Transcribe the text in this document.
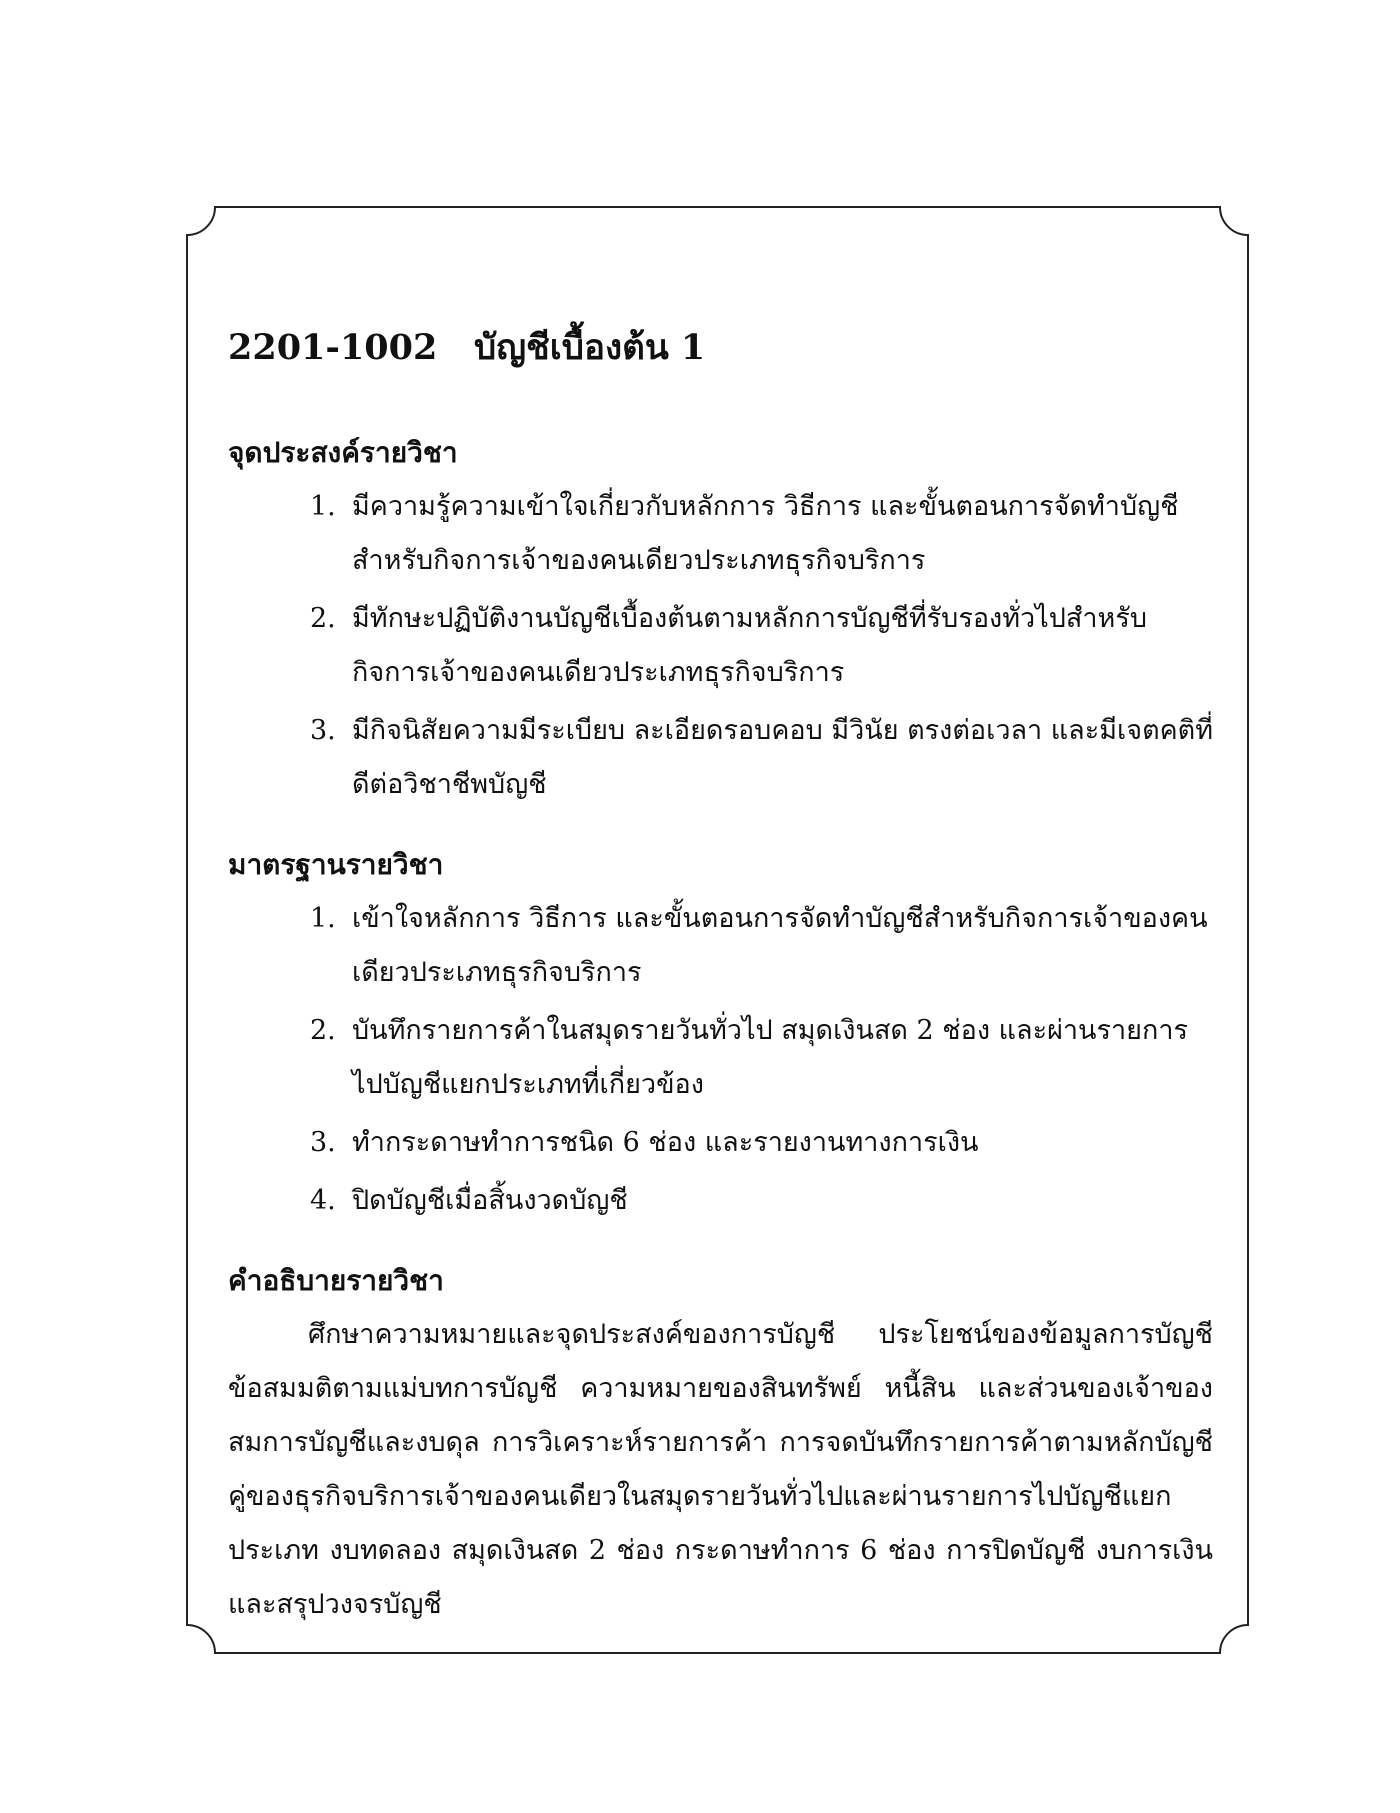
2201-1002	บัญชีเบื้องต้น 1
จุดประสงค์รายวิชา
1. มีความรู้ความเข้าใจเกี่ยวกับหลักการ วิธีการ และขั้นตอนการจัดทำบัญชีสำหรับกิจการเจ้าของคนเดียวประเภทธุรกิจบริการ
2. มีทักษะปฏิบัติงานบัญชีเบื้องต้นตามหลักการบัญชีที่รับรองทั่วไปสำหรับกิจการเจ้าของคนเดียวประเภทธุรกิจบริการ
3. มีกิจนิสัยความมีระเบียบ ละเอียดรอบคอบ มีวินัย ตรงต่อเวลา และมีเจตคติที่ดีต่อวิชาชีพบัญชี
มาตรฐานรายวิชา
1. เข้าใจหลักการ วิธีการ และขั้นตอนการจัดทำบัญชีสำหรับกิจการเจ้าของคนเดียวประเภทธุรกิจบริการ
2. บันทึกรายการค้าในสมุดรายวันทั่วไป สมุดเงินสด 2 ช่อง และผ่านรายการไปบัญชีแยกประเภทที่เกี่ยวข้อง
3. ทำกระดาษทำการชนิด 6 ช่อง และรายงานทางการเงิน
4. ปิดบัญชีเมื่อสิ้นงวดบัญชี
คำอธิบายรายวิชา

ศึกษาความหมายและจุดประสงค์ของการบัญชี ประโยชน์ของข้อมูลการบัญชี ข้อสมมติตามแม่บทการบัญชี ความหมายของสินทรัพย์ หนี้สิน และส่วนของเจ้าของ สมการบัญชีและงบดุล การวิเคราะห์รายการค้า การจดบันทึกรายการค้าตามหลักบัญชีคู่ของธุรกิจบริการเจ้าของคนเดียวในสมุดรายวันทั่วไปและผ่านรายการไปบัญชีแยกประเภท งบทดลอง สมุดเงินสด 2 ช่อง กระดาษทำการ 6 ช่อง การปิดบัญชี งบการเงิน และสรุปวงจรบัญชี
